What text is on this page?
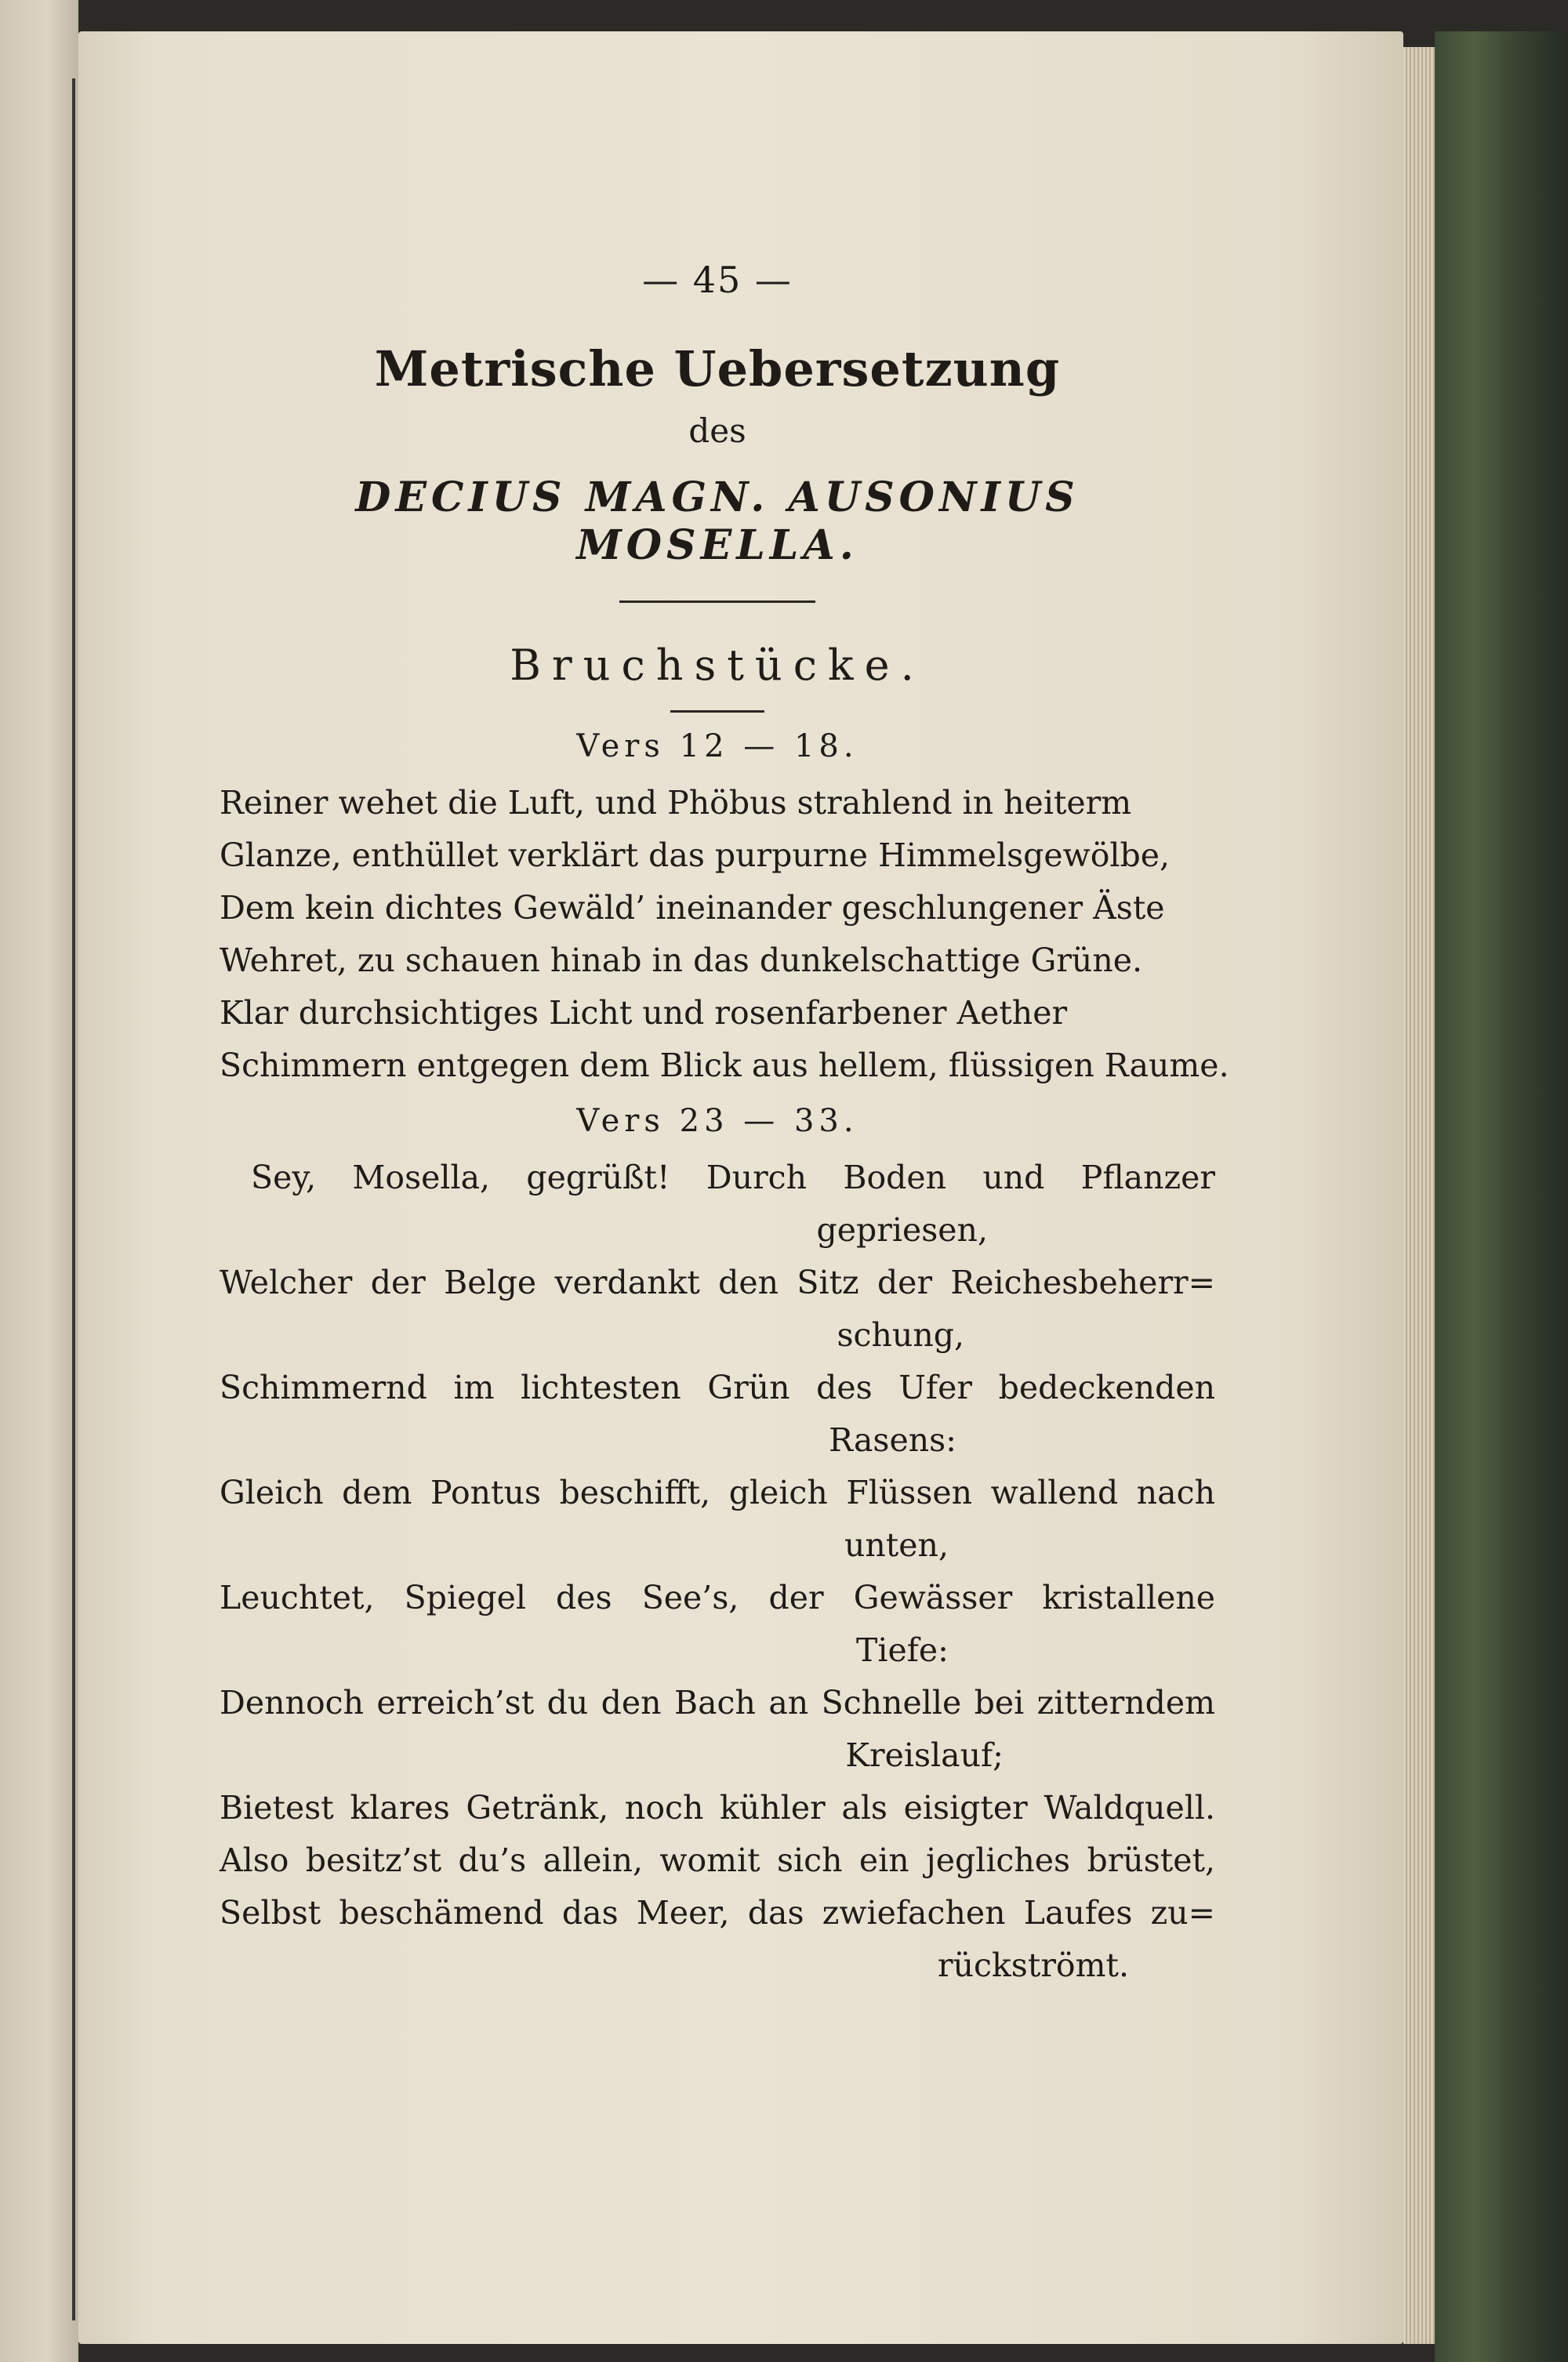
— 45 —
Metrische Uebersetzung
des
DECIUS MAGN. AUSONIUS MOSELLA.
Bruchstücke.
Vers 12 — 18.
Reiner wehet die Luft, und Phöbus strahlend in heiterm
Glanze, enthüllet verklärt das purpurne Himmelsgewölbe,
Dem kein dichtes Gewäld’ ineinander geschlungener Äste
Wehret, zu schauen hinab in das dunkelschattige Grüne.
Klar durchsichtiges Licht und rosenfarbener Aether
Schimmern entgegen dem Blick aus hellem, flüssigen Raume.
Vers 23 — 33.
Sey, Mosella, gegrüßt! Durch Boden und Pflanzer
gepriesen,
Welcher der Belge verdankt den Sitz der Reichesbeherr=
schung,
Schimmernd im lichtesten Grün des Ufer bedeckenden
Rasens:
Gleich dem Pontus beschifft, gleich Flüssen wallend nach
unten,
Leuchtet, Spiegel des See’s, der Gewässer kristallene
Tiefe:
Dennoch erreich’st du den Bach an Schnelle bei zitterndem
Kreislauf;
Bietest klares Getränk, noch kühler als eisigter Waldquell.
Also besitz’st du’s allein, womit sich ein jegliches brüstet,
Selbst beschämend das Meer, das zwiefachen Laufes zu=
rückströmt.
